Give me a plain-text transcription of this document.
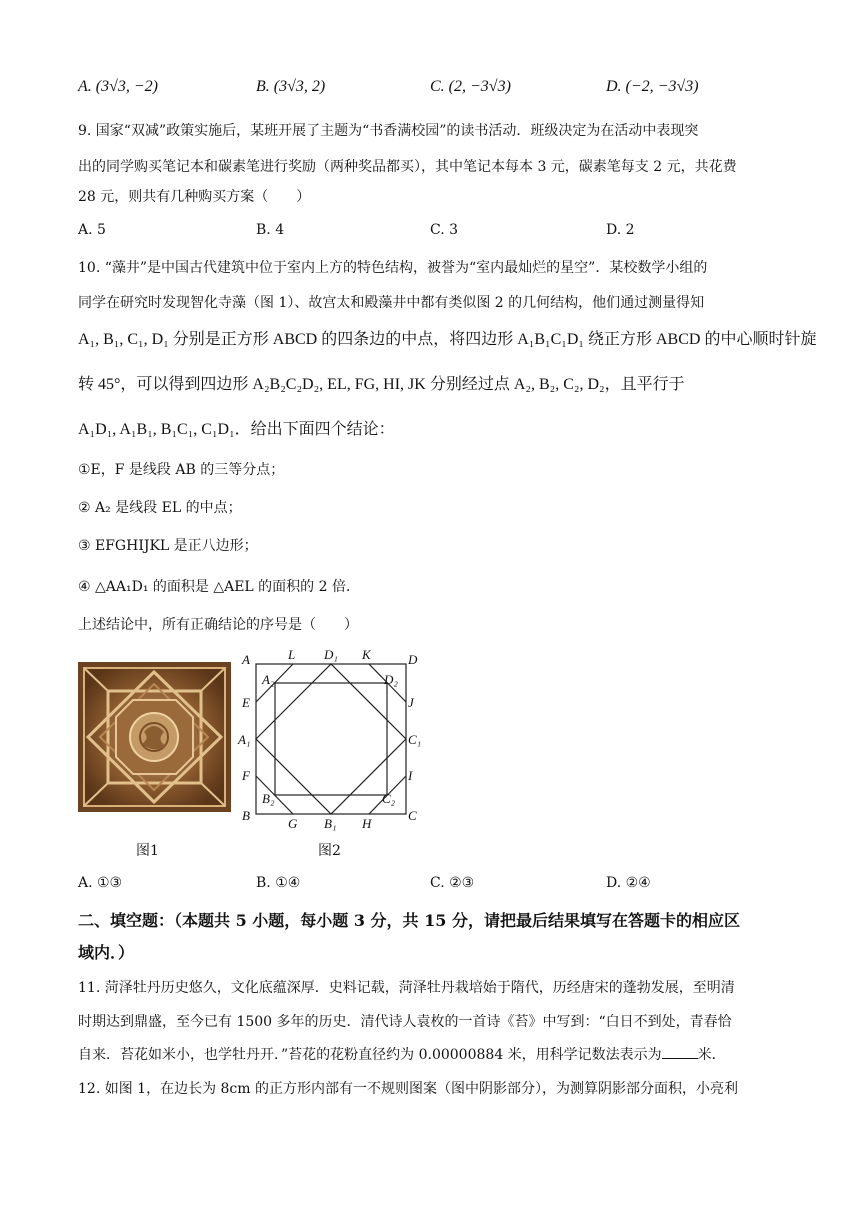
A. (3√3, −2)	B. (3√3, 2)	C. (2, −3√3)	D. (−2, −3√3)
9. 国家“双减”政策实施后，某班开展了主题为“书香满校园”的读书活动．班级决定为在活动中表现突
出的同学购买笔记本和碳素笔进行奖励（两种奖品都买），其中笔记本每本 3 元，碳素笔每支 2 元，共花费
28 元，则共有几种购买方案（　　）
A. 5	B. 4	C. 3	D. 2
10. “藻井”是中国古代建筑中位于室内上方的特色结构，被誉为“室内最灿烂的星空”．某校数学小组的
同学在研究时发现智化寺藻（图 1）、故宫太和殿藻井中都有类似图 2 的几何结构，他们通过测量得知
A₁, B₁, C₁, D₁ 分别是正方形 ABCD 的四条边的中点，将四边形 A₁B₁C₁D₁ 绕正方形 ABCD 的中心顺时针旋
转 45°，可以得到四边形 A₂B₂C₂D₂, EL, FG, HI, JK 分别经过点 A₂, B₂, C₂, D₂，且平行于
A₁D₁, A₁B₁, B₁C₁, C₁D₁．给出下面四个结论：
①E，F 是线段 AB 的三等分点；
② A₂ 是线段 EL 的中点；
③ EFGHIJKL 是正八边形；
④ △AA₁D₁ 的面积是 △AEL 的面积的 2 倍．
上述结论中，所有正确结论的序号是（　　）
A	L D₁ K	D
A₂	D₂
E	J
A₁	C₁
F	I
B₂	C₂
B
G B₁ H
C
图1	图2
A. ①③	B. ①④	C. ②③	D. ②④
二、填空题：（本题共 5 小题，每小题 3 分，共 15 分，请把最后结果填写在答题卡的相应区
域内．）
11. 菏泽牡丹历史悠久，文化底蕴深厚．史料记载，菏泽牡丹栽培始于隋代，历经唐宋的蓬勃发展，至明清
时期达到鼎盛，至今已有 1500 多年的历史．清代诗人袁枚的一首诗《苔》中写到：“白日不到处，青春恰
自来．苔花如米小，也学牡丹开．”苔花的花粉直径约为 0.00000884 米，用科学记数法表示为	米．
12. 如图 1，在边长为 8cm 的正方形内部有一不规则图案（图中阴影部分），为测算阴影部分面积，小亮利
